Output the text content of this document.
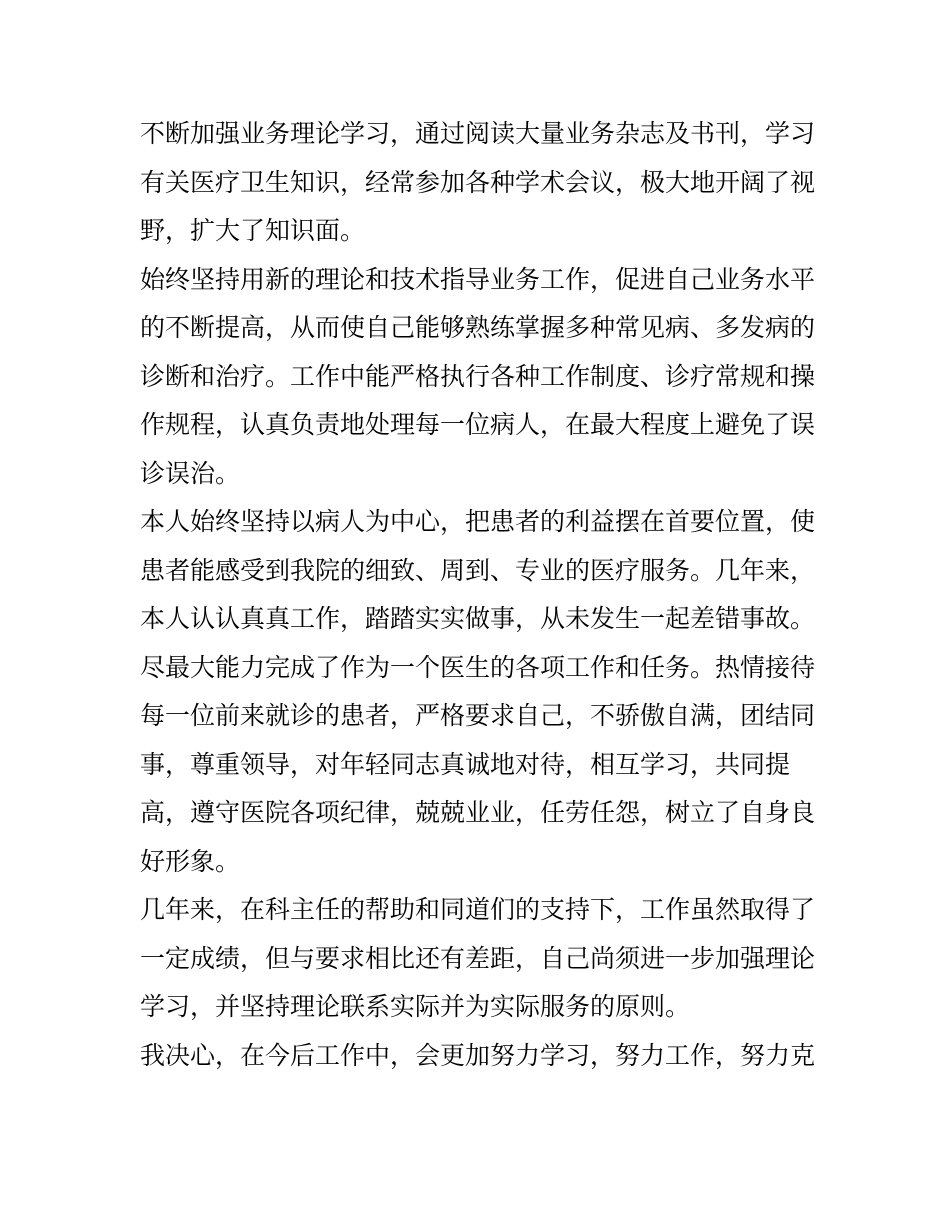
不断加强业务理论学习，通过阅读大量业务杂志及书刊，学习有关医疗卫生知识，经常参加各种学术会议，极大地开阔了视野，扩大了知识面。

始终坚持用新的理论和技术指导业务工作，促进自己业务水平的不断提高，从而使自己能够熟练掌握多种常见病、多发病的诊断和治疗。工作中能严格执行各种工作制度、诊疗常规和操作规程，认真负责地处理每一位病人，在最大程度上避免了误诊误治。

本人始终坚持以病人为中心，把患者的利益摆在首要位置，使患者能感受到我院的细致、周到、专业的医疗服务。几年来，本人认认真真工作，踏踏实实做事，从未发生一起差错事故。尽最大能力完成了作为一个医生的各项工作和任务。热情接待每一位前来就诊的患者，严格要求自己，不骄傲自满，团结同事，尊重领导，对年轻同志真诚地对待，相互学习，共同提高，遵守医院各项纪律，兢兢业业，任劳任怨，树立了自身良好形象。

几年来，在科主任的帮助和同道们的支持下，工作虽然取得了一定成绩，但与要求相比还有差距，自己尚须进一步加强理论学习，并坚持理论联系实际并为实际服务的原则。

我决心，在今后工作中，会更加努力学习，努力工作，努力克
